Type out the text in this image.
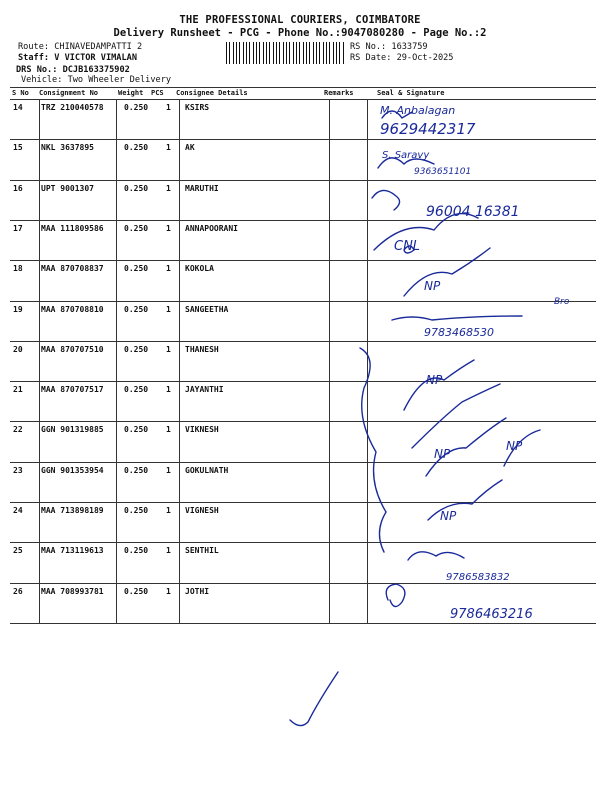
THE PROFESSIONAL COURIERS, COIMBATORE
Delivery Runsheet - PCG - Phone No.:9047080280 - Page No.:2
Route: CHINAVEDAMPATTI 2
Staff: V VICTOR VIMALAN
DRS No.: DCJB163375902
Vehicle: Two Wheeler Delivery
RS No.: 1633759
RS Date: 29-Oct-2025
S No Consignment No	Weight PCS Consignee Details	Remarks	Seal & Signature
14 TRZ 210040578	0.250 1 KSIRS
15 NKL 3637895	0.250 1 AK
16 UPT 9001307	0.250 1 MARUTHI
17 MAA 111809586	0.250 1 ANNAPOORANI
18 MAA 870708837	0.250 1 KOKOLA
19 MAA 870708810	0.250 1 SANGEETHA
20 MAA 870707510	0.250 1 THANESH
21 MAA 870707517	0.250 1 JAYANTHI
22 GGN 901319885	0.250 1 VIKNESH
23 GGN 901353954	0.250 1 GOKULNATH
24 MAA 713898189	0.250 1 VIGNESH
25 MAA 713119613	0.250 1 SENTHIL
26 MAA 708993781	0.250 1 JOTHI
M. Anbalagan
9629442317
S. Saravy
9363651101
96004 16381
CNL
NP
9783468530
Bro
NP
NP
NP
NP
9786583832
9786463216
